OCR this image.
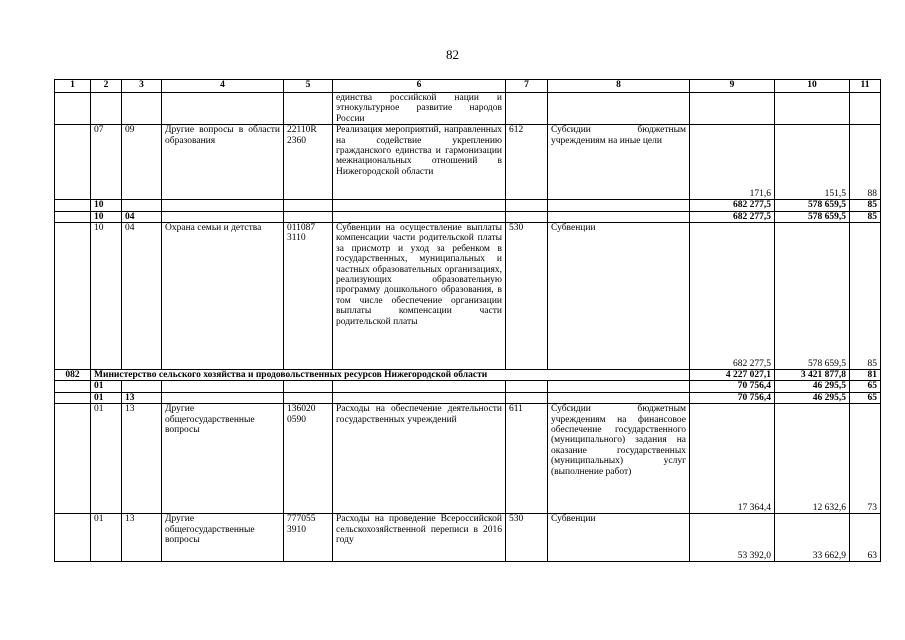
82
1	2	3	4	5	6	7	8	9	10	11
					единства российской нации и этнокультурное развитие народов России					
	07	09	Другие вопросы в области образования	22110R 2360	Реализация мероприятий, направленных на содействие укреплению гражданского единства и гармонизации межнациональных отношений в Нижегородской области	612	Субсидии бюджетным учреждениям на иные цели	171,6	151,5	88
	10							682 277,5	578 659,5	85
	10	04						682 277,5	578 659,5	85
	10	04	Охрана семьи и детства	011087 3110	Субвенции на осуществление выплаты компенсации части родительской платы за присмотр и уход за ребенком в государственных, муниципальных и частных образовательных организациях, реализующих образовательную программу дошкольного образования, в том числе обеспечение организации выплаты компенсации части родительской платы	530	Субвенции	682 277,5	578 659,5	85
082	Министерство сельского хозяйства и продовольственных ресурсов Нижегородской области							4 227 027,1	3 421 877,8	81
	01							70 756,4	46 295,5	65
	01	13						70 756,4	46 295,5	65
	01	13	Другие общегосударственные вопросы	136020 0590	Расходы на обеспечение деятельности государственных учреждений	611	Субсидии бюджетным учреждениям на финансовое обеспечение государственного (муниципального) задания на оказание государственных (муниципальных) услуг (выполнение работ)	17 364,4	12 632,6	73
	01	13	Другие общегосударственные вопросы	777055 3910	Расходы на проведение Всероссийской сельскохозяйственной переписи в 2016 году	530	Субвенции	53 392,0	33 662,9	63
